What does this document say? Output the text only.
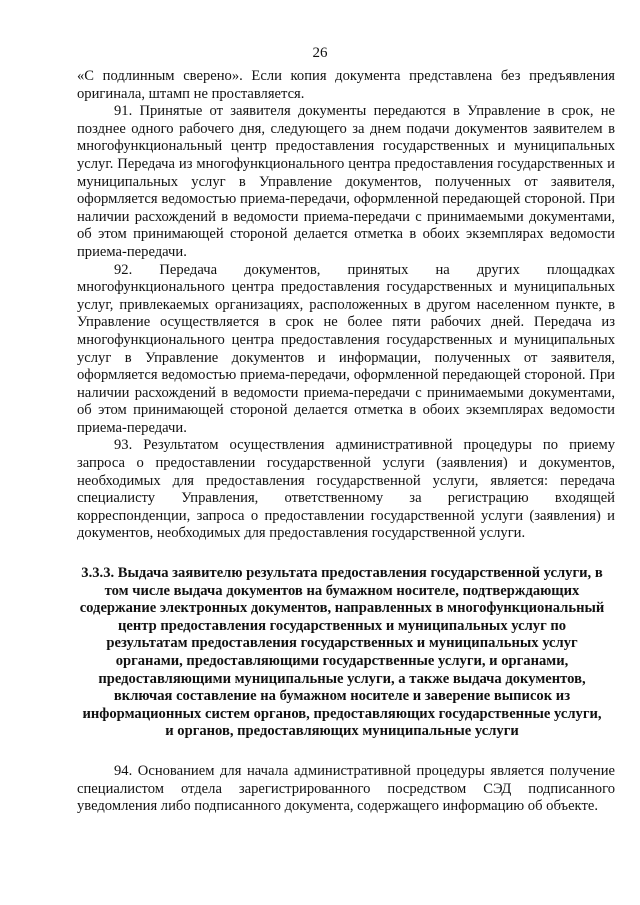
26

«С подлинным сверено». Если копия документа представлена без предъявления оригинала, штамп не проставляется.

91. Принятые от заявителя документы передаются в Управление в срок, не позднее одного рабочего дня, следующего за днем подачи документов заявителем в многофункциональный центр предоставления государственных и муниципальных услуг. Передача из многофункционального центра предоставления государственных и муниципальных услуг в Управление документов, полученных от заявителя, оформляется ведомостью приема-передачи, оформленной передающей стороной. При наличии расхождений в ведомости приема-передачи с принимаемыми документами, об этом принимающей стороной делается отметка в обоих экземплярах ведомости приема-передачи.

92. Передача документов, принятых на других площадках многофункционального центра предоставления государственных и муниципальных услуг, привлекаемых организациях, расположенных в другом населенном пункте, в Управление осуществляется в срок не более пяти рабочих дней. Передача из многофункционального центра предоставления государственных и муниципальных услуг в Управление документов и информации, полученных от заявителя, оформляется ведомостью приема-передачи, оформленной передающей стороной. При наличии расхождений в ведомости приема-передачи с принимаемыми документами, об этом принимающей стороной делается отметка в обоих экземплярах ведомости приема-передачи.

93. Результатом осуществления административной процедуры по приему запроса о предоставлении государственной услуги (заявления) и документов, необходимых для предоставления государственной услуги, является: передача специалисту Управления, ответственному за регистрацию входящей корреспонденции, запроса о предоставлении государственной услуги (заявления) и документов, необходимых для предоставления государственной услуги.

3.3.3. Выдача заявителю результата предоставления государственной услуги, в том числе выдача документов на бумажном носителе, подтверждающих содержание электронных документов, направленных в многофункциональный центр предоставления государственных и муниципальных услуг по результатам предоставления государственных и муниципальных услуг органами, предоставляющими государственные услуги, и органами, предоставляющими муниципальные услуги, а также выдача документов, включая составление на бумажном носителе и заверение выписок из информационных систем органов, предоставляющих государственные услуги, и органов, предоставляющих муниципальные услуги

94. Основанием для начала административной процедуры является получение специалистом отдела зарегистрированного посредством СЭД подписанного уведомления либо подписанного документа, содержащего информацию об объекте.
